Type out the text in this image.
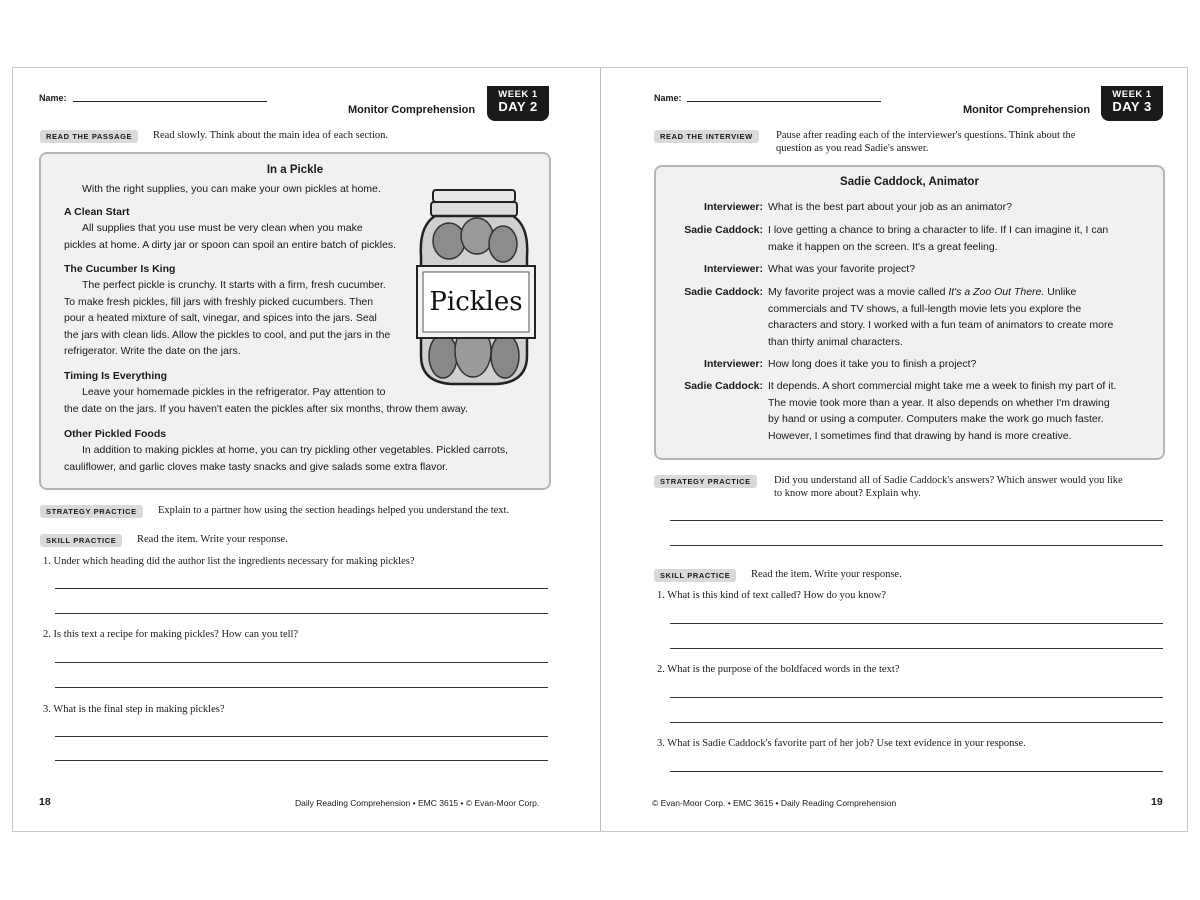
Name:
Monitor Comprehension
WEEK 1
DAY 2
READ THE PASSAGE	Read slowly. Think about the main idea of each section.
In a Pickle
With the right supplies, you can make your own pickles at home.
A Clean Start
All supplies that you use must be very clean when you make
pickles at home. A dirty jar or spoon can spoil an entire batch of pickles.
The Cucumber Is King
The perfect pickle is crunchy. It starts with a firm, fresh cucumber.
To make fresh pickles, fill jars with freshly picked cucumbers. Then
pour a heated mixture of salt, vinegar, and spices into the jars. Seal
the jars with clean lids. Allow the pickles to cool, and put the jars in the
refrigerator. Write the date on the jars.
Timing Is Everything
Leave your homemade pickles in the refrigerator. Pay attention to
the date on the jars. If you haven't eaten the pickles after six months, throw them away.
Other Pickled Foods
In addition to making pickles at home, you can try pickling other vegetables. Pickled carrots,
cauliflower, and garlic cloves make tasty snacks and give salads some extra flavor.
Pickles
STRATEGY PRACTICE	Explain to a partner how using the section headings helped you understand the text.
SKILL PRACTICE	Read the item. Write your response.
1. Under which heading did the author list the ingredients necessary for making pickles?
2. Is this text a recipe for making pickles? How can you tell?
3. What is the final step in making pickles?
18	Daily Reading Comprehension • EMC 3615 • © Evan-Moor Corp.
Name:
Monitor Comprehension
WEEK 1
DAY 3
READ THE INTERVIEW	Pause after reading each of the interviewer's questions. Think about the
question as you read Sadie's answer.
Sadie Caddock, Animator
Interviewer: What is the best part about your job as an animator?
Sadie Caddock: I love getting a chance to bring a character to life. If I can imagine it, I can
make it happen on the screen. It's a great feeling.
Interviewer: What was your favorite project?
Sadie Caddock: My favorite project was a movie called It's a Zoo Out There. Unlike
commercials and TV shows, a full-length movie lets you explore the
characters and story. I worked with a fun team of animators to create more
than thirty animal characters.
Interviewer: How long does it take you to finish a project?
Sadie Caddock: It depends. A short commercial might take me a week to finish my part of it.
The movie took more than a year. It also depends on whether I'm drawing
by hand or using a computer. Computers make the work go much faster.
However, I sometimes find that drawing by hand is more creative.
STRATEGY PRACTICE	Did you understand all of Sadie Caddock's answers? Which answer would you like
to know more about? Explain why.
SKILL PRACTICE	Read the item. Write your response.
1. What is this kind of text called? How do you know?
2. What is the purpose of the boldfaced words in the text?
3. What is Sadie Caddock's favorite part of her job? Use text evidence in your response.
© Evan-Moor Corp. • EMC 3615 • Daily Reading Comprehension	19
